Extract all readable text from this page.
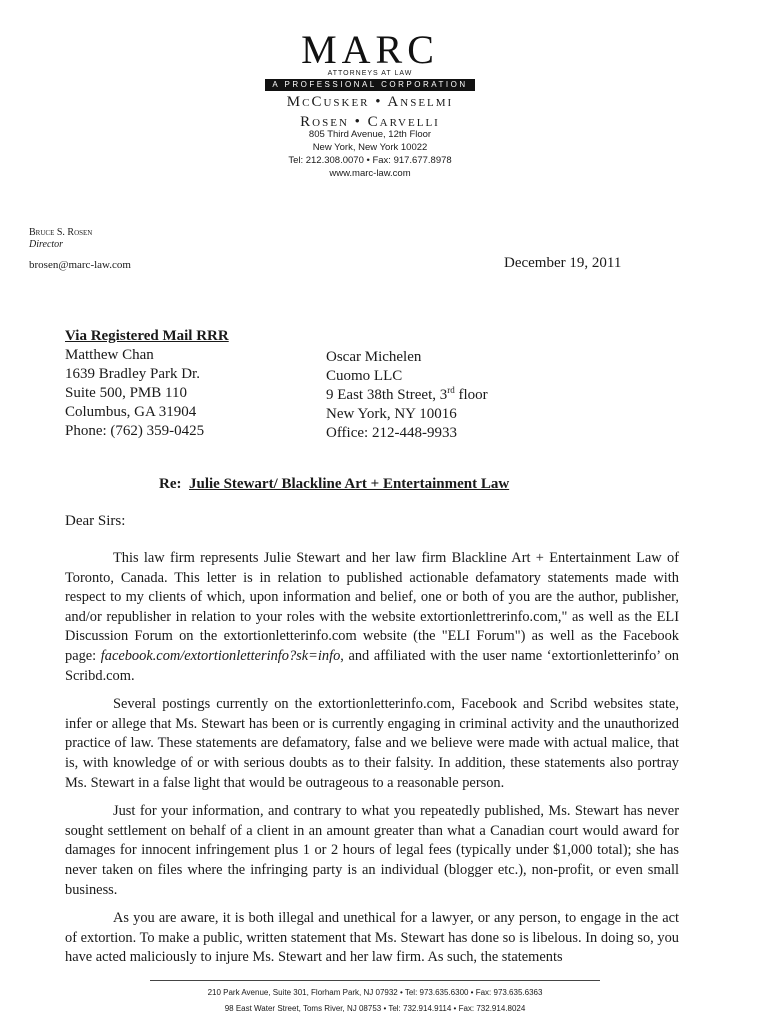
MARC
ATTORNEYS AT LAW
A PROFESSIONAL CORPORATION
McCusker • Anselmi
Rosen • Carvelli
805 Third Avenue, 12th Floor
New York, New York 10022
Tel: 212.308.0070 • Fax: 917.677.8978
www.marc-law.com
Bruce S. Rosen
Director
brosen@marc-law.com	December 19, 2011
Via Registered Mail RRR
Matthew Chan
1639 Bradley Park Dr.
Suite 500, PMB 110
Columbus, GA 31904
Phone: (762) 359-0425
Oscar Michelen
Cuomo LLC
9 East 38th Street, 3rd floor
New York, NY 10016
Office: 212-448-9933
Re: Julie Stewart/ Blackline Art + Entertainment Law
Dear Sirs:

This law firm represents Julie Stewart and her law firm Blackline Art + Entertainment Law of Toronto, Canada. This letter is in relation to published actionable defamatory statements made with respect to my clients of which, upon information and belief, one or both of you are the author, publisher, and/or republisher in relation to your roles with the website extortionlettrerinfo.com," as well as the ELI Discussion Forum on the extortionletterinfo.com website (the "ELI Forum") as well as the Facebook page: facebook.com/extortionletterinfo?sk=info, and affiliated with the user name ‘extortionletterinfo’ on Scribd.com.

Several postings currently on the extortionletterinfo.com, Facebook and Scribd websites state, infer or allege that Ms. Stewart has been or is currently engaging in criminal activity and the unauthorized practice of law. These statements are defamatory, false and we believe were made with actual malice, that is, with knowledge of or with serious doubts as to their falsity. In addition, these statements also portray Ms. Stewart in a false light that would be outrageous to a reasonable person.

Just for your information, and contrary to what you repeatedly published, Ms. Stewart has never sought settlement on behalf of a client in an amount greater than what a Canadian court would award for damages for innocent infringement plus 1 or 2 hours of legal fees (typically under $1,000 total); she has never taken on files where the infringing party is an individual (blogger etc.), non-profit, or even small business.

As you are aware, it is both illegal and unethical for a lawyer, or any person, to engage in the act of extortion. To make a public, written statement that Ms. Stewart has done so is libelous. In doing so, you have acted maliciously to injure Ms. Stewart and her law firm. As such, the statements

210 Park Avenue, Suite 301, Florham Park, NJ 07932 • Tel: 973.635.6300 • Fax: 973.635.6363
98 East Water Street, Toms River, NJ 08753 • Tel: 732.914.9114 • Fax: 732.914.8024
